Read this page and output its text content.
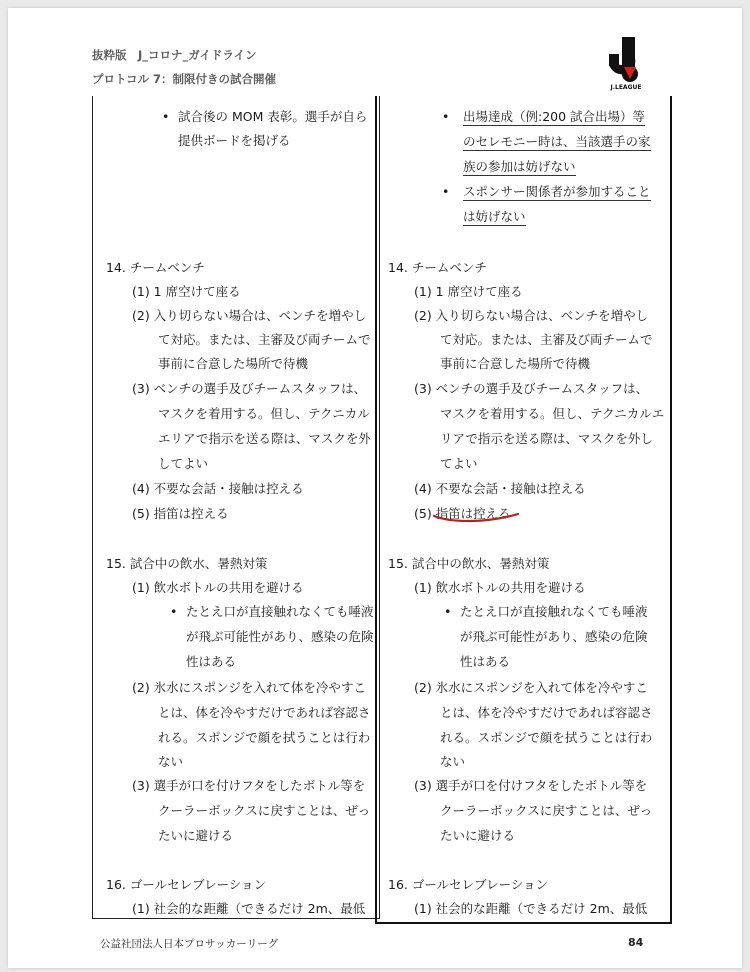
抜粋版　J_コロナ_ガイドライン
プロトコル 7：制限付きの試合開催
J.LEAGUE
• 試合後の MOM 表彰。選手が自ら
提供ボードを掲げる
14. チームベンチ
(1) 1 席空けて座る
(2) 入り切らない場合は、ベンチを増やし
て対応。または、主審及び両チームで
事前に合意した場所で待機
(3) ベンチの選手及びチームスタッフは、
マスクを着用する。但し、テクニカル
エリアで指示を送る際は、マスクを外
してよい
(4) 不要な会話・接触は控える
(5) 指笛は控える
15. 試合中の飲水、暑熱対策
(1) 飲水ボトルの共用を避ける
• たとえ口が直接触れなくても唾液
が飛ぶ可能性があり、感染の危険
性はある
(2) 氷水にスポンジを入れて体を冷やすこ
とは、体を冷やすだけであれば容認さ
れる。スポンジで顔を拭うことは行わ
ない
(3) 選手が口を付けフタをしたボトル等を
クーラーボックスに戻すことは、ぜっ
たいに避ける
16. ゴールセレブレーション
(1) 社会的な距離（できるだけ 2m、最低
• 出場達成（例:200 試合出場）等
のセレモニー時は、当該選手の家
族の参加は妨げない
• スポンサー関係者が参加すること
は妨げない
14. チームベンチ
(1) 1 席空けて座る
(2) 入り切らない場合は、ベンチを増やし
て対応。または、主審及び両チームで
事前に合意した場所で待機
(3) ベンチの選手及びチームスタッフは、
マスクを着用する。但し、テクニカルエ
リアで指示を送る際は、マスクを外し
てよい
(4) 不要な会話・接触は控える
(5) 指笛は控える
15. 試合中の飲水、暑熱対策
(1) 飲水ボトルの共用を避ける
• たとえ口が直接触れなくても唾液
が飛ぶ可能性があり、感染の危険
性はある
(2) 氷水にスポンジを入れて体を冷やすこ
とは、体を冷やすだけであれば容認さ
れる。スポンジで顔を拭うことは行わ
ない
(3) 選手が口を付けフタをしたボトル等を
クーラーボックスに戻すことは、ぜっ
たいに避ける
16. ゴールセレブレーション
(1) 社会的な距離（できるだけ 2m、最低
公益社団法人日本プロサッカーリーグ	84
